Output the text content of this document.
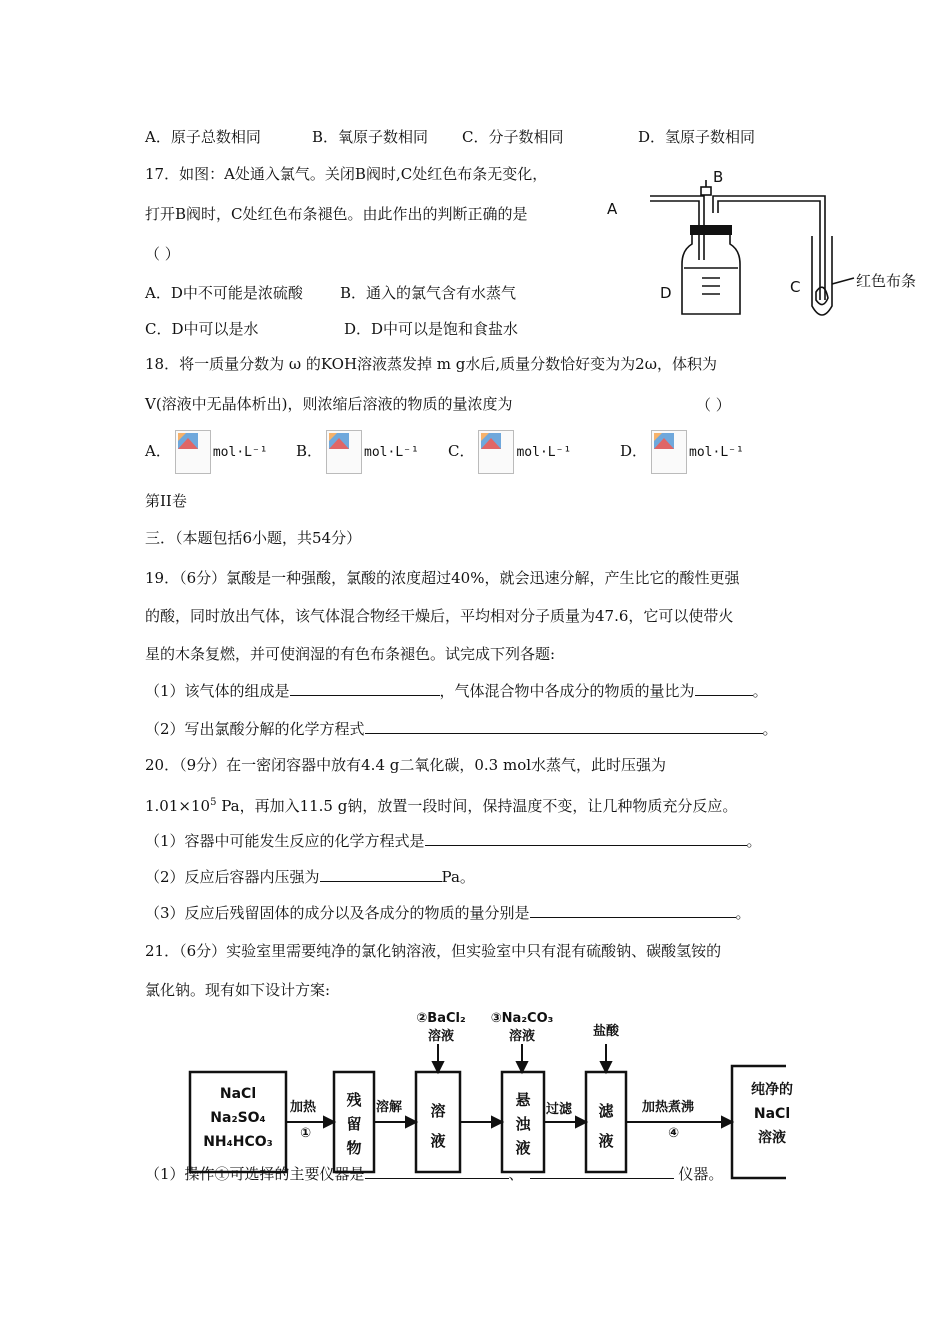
A．原子总数相同	B．氧原子数相同 C．分子数相同	D．氢原子数相同
17．如图：A处通入氯气。关闭B阀时,C处红色布条无变化，
打开B阀时，C处红色布条褪色。由此作出的判断正确的是
（ ）
A．D中不可能是浓硫酸 B．通入的氯气含有水蒸气
C．D中可以是水	D．D中可以是饱和食盐水
A
B
D	C	红色布条
18．将一质量分数为 ω 的KOH溶液蒸发掉 m g水后,质量分数恰好变为为2ω，体积为
V(溶液中无晶体析出)，则浓缩后溶液的物质的量浓度为	（ ）
A．	mol·L⁻¹ B．	mol·L⁻¹ C．	mol·L⁻¹	D．	mol·L⁻¹
第II卷
三．（本题包括6小题，共54分）
19．（6分）氯酸是一种强酸，氯酸的浓度超过40%，就会迅速分解，产生比它的酸性更强
的酸，同时放出气体，该气体混合物经干燥后，平均相对分子质量为47.6，它可以使带火
星的木条复燃，并可使润湿的有色布条褪色。试完成下列各题:
（1）该气体的组成是	，气体混合物中各成分的物质的量比为	。
（2）写出氯酸分解的化学方程式	。
20．（9分）在一密闭容器中放有4.4 g二氧化碳，0.3 mol水蒸气，此时压强为
$1.01\times 10^5$ Pa，再加入11.5 g钠，放置一段时间，保持温度不变，让几种物质充分反应。
（1）容器中可能发生反应的化学方程式是	。
（2）反应后容器内压强为	Pa。
（3）反应后残留固体的成分以及各成分的物质的量分别是	。
21．（6分）实验室里需要纯净的氯化钠溶液，但实验室中只有混有硫酸钠、碳酸氢铵的
氯化钠。现有如下设计方案:
NaCl
Na₂SO₄
NH₄HCO₃
加热
①
残
留
物
溶解	溶
液
②BaCl₂
溶液
悬
浊
液
③Na₂CO₃
溶液
过滤	滤
液
盐酸
加热煮沸
④
纯净的
NaCl
溶液
（1）操作①可选择的主要仪器是	、	仪器。
